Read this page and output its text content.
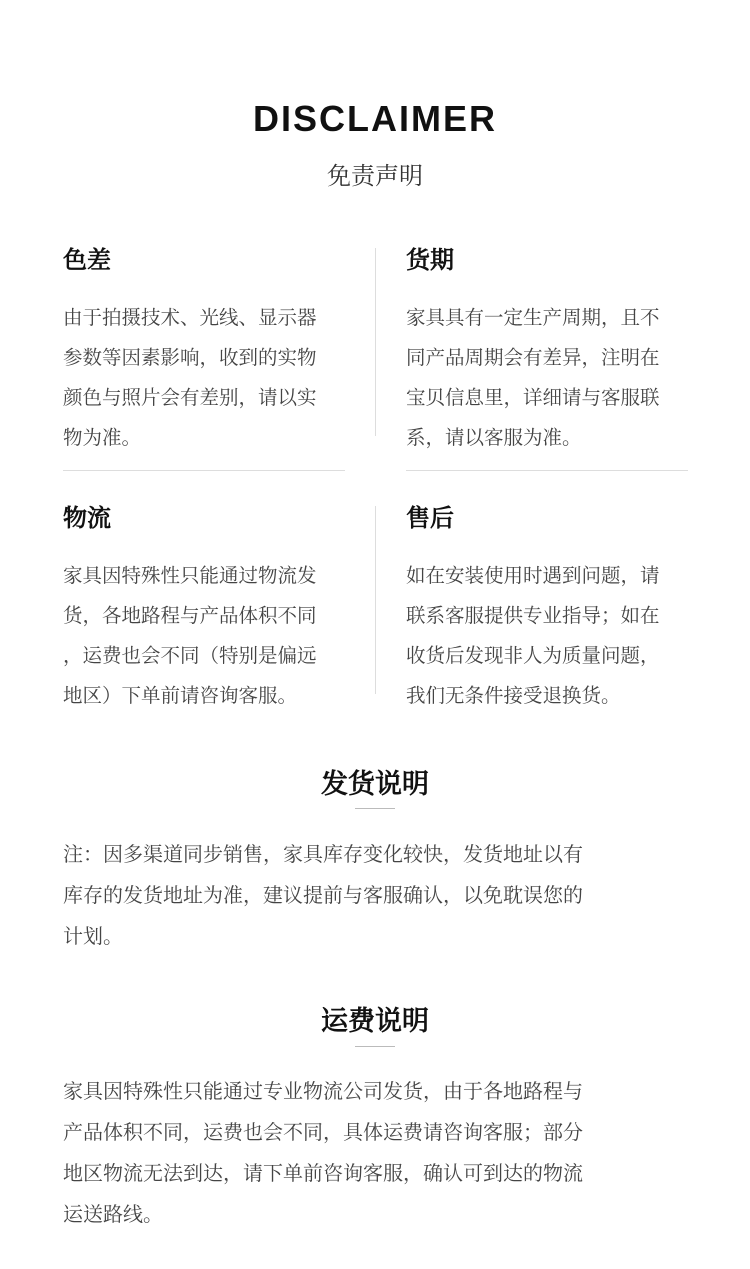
DISCLAIMER
免责声明
色差
由于拍摄技术、光线、显示器
参数等因素影响，收到的实物
颜色与照片会有差别，请以实
物为准。
货期
家具具有一定生产周期，且不
同产品周期会有差异，注明在
宝贝信息里，详细请与客服联
系，请以客服为准。
物流
家具因特殊性只能通过物流发
货，各地路程与产品体积不同
，运费也会不同（特别是偏远
地区）下单前请咨询客服。
售后
如在安装使用时遇到问题，请
联系客服提供专业指导；如在
收货后发现非人为质量问题，
我们无条件接受退换货。
发货说明
注：因多渠道同步销售，家具库存变化较快，发货地址以有
库存的发货地址为准，建议提前与客服确认，以免耽误您的
计划。
运费说明
家具因特殊性只能通过专业物流公司发货，由于各地路程与
产品体积不同，运费也会不同，具体运费请咨询客服；部分
地区物流无法到达，请下单前咨询客服，确认可到达的物流
运送路线。
